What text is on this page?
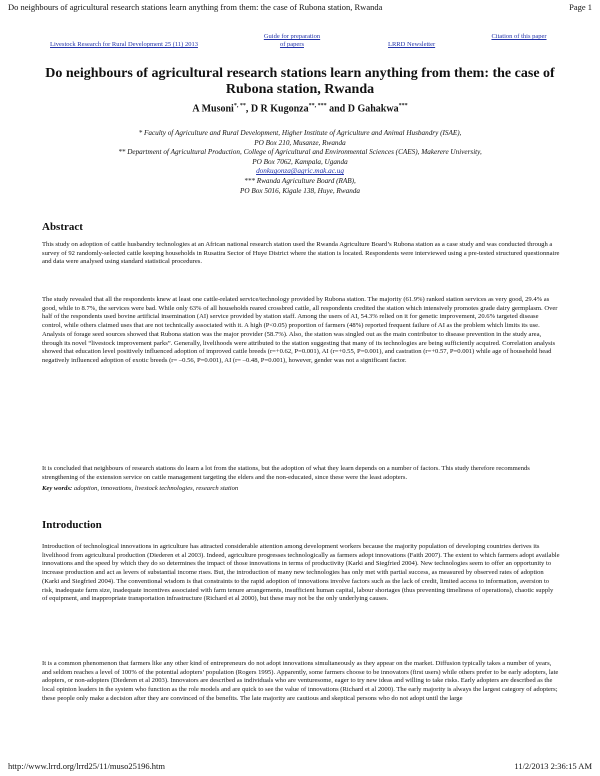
Do neighbours of agricultural research stations learn anything from them: the case of Rubona station, Rwanda	Page 1
Livestock Research for Rural Development 25 (11) 2013
Guide for preparation of papers	LRRD Newsletter
Citation of this paper
Do neighbours of agricultural research stations learn anything from them: the case of Rubona station, Rwanda
A Musoni*, **, D R Kugonza**, *** and D Gahakwa***
* Faculty of Agriculture and Rural Development, Higher Institute of Agriculture and Animal Husbandry (ISAE),
PO Box 210, Musanze, Rwanda
** Department of Agricultural Production, College of Agricultural and Environmental Sciences (CAES), Makerere University,
PO Box 7062, Kampala, Uganda
donkugonza@agric.mak.ac.ug
*** Rwanda Agriculture Board (RAB),
PO Box 5016, Kigale 138, Huye, Rwanda
Abstract

This study on adoption of cattle husbandry technologies at an African national research station used the Rwanda Agriculture Board’s Rubona station as a case study and was conducted through a survey of 92 randomly-selected cattle keeping households in Rusatira Sector of Huye District where the station is located. Respondents were interviewed using a pre-tested structured questionnaire and data were analysed using standard statistical procedures.

The study revealed that all the respondents knew at least one cattle-related service/technology provided by Rubona station. The majority (61.9%) ranked station services as very good, 29.4% as good, while to 8.7%, the services were bad. While only 63% of all households reared crossbred cattle, all respondents credited the station which intensively promotes grade dairy germplasm. Over half of the respondents used bovine artificial insemination (AI) service provided by station staff. Among the users of AI, 54.3% relied on it for genetic improvement, 20.6% targeted disease control, while others claimed uses that are not technically associated with it. A high (P<0.05) proportion of farmers (48%) reported frequent failure of AI as the problem which limits its use. Analysis of forage seed sources showed that Rubona station was the major provider (58.7%). Also, the station was singled out as the main contributor to disease prevention in the study area, through its novel “livestock improvement parks”. Generally, livelihoods were attributed to the station suggesting that many of its technologies are being sufficiently acquired. Correlation analysis showed that education level positively influenced adoption of improved cattle breeds (r=+0.62, P=0.001), AI (r=+0.55, P=0.001), and castration (r=+0.57, P=0.001) while age of household head negatively influenced adoption of exotic breeds (r= –0.56, P=0.001), AI (r= –0.48, P=0.001), however, gender was not a significant factor.

It is concluded that neighbours of research stations do learn a lot from the stations, but the adoption of what they learn depends on a number of factors. This study therefore recommends strengthening of the extension service on cattle management targeting the elders and the non-educated, since these were the least adopters.

Key words: adoption, innovations, livestock technologies, research station

Introduction

Introduction of technological innovations in agriculture has attracted considerable attention among development workers because the majority population of developing countries derives its livelihood from agricultural production (Diederen et al 2003). Indeed, agriculture progresses technologically as farmers adopt innovations (Faith 2007). The extent to which farmers adopt available innovations and the speed by which they do so determines the impact of those innovations in terms of productivity (Karki and Siegfried 2004). New technologies seem to offer an opportunity to increase production and act as levers of substantial income rises. But, the introduction of many new technologies has only met with partial success, as measured by observed rates of adoption (Karki and Siegfried 2004). The conventional wisdom is that constraints to the rapid adoption of innovations involve factors such as the lack of credit, limited access to information, aversion to risk, inadequate farm size, inadequate incentives associated with farm tenure arrangements, insufficient human capital, labour shortages (thus preventing timeliness of operations), chaotic supply of equipment, and inappropriate transportation infrastructure (Richard et al 2000), but these may not be the only underlying causes.

It is a common phenomenon that farmers like any other kind of entrepreneurs do not adopt innovations simultaneously as they appear on the market. Diffusion typically takes a number of years, and seldom reaches a level of 100% of the potential adopters’ population (Rogers 1995). Apparently, some farmers choose to be innovators (first users) while others prefer to be early adopters, late adopters, or non-adopters (Diederen et al 2003). Innovators are described as individuals who are venturesome, eager to try new ideas and willing to take risks. Early adopters are described as the local opinion leaders in the system who function as the role models and are quick to see the value of innovations (Richard et al 2000). The early majority is always the largest category of adopters; these people only make a decision after they are convinced of the benefits. The late majority are cautious and skeptical persons who do not adopt until the large

http://www.lrrd.org/lrrd25/11/muso25196.htm	11/2/2013 2:36:15 AM
